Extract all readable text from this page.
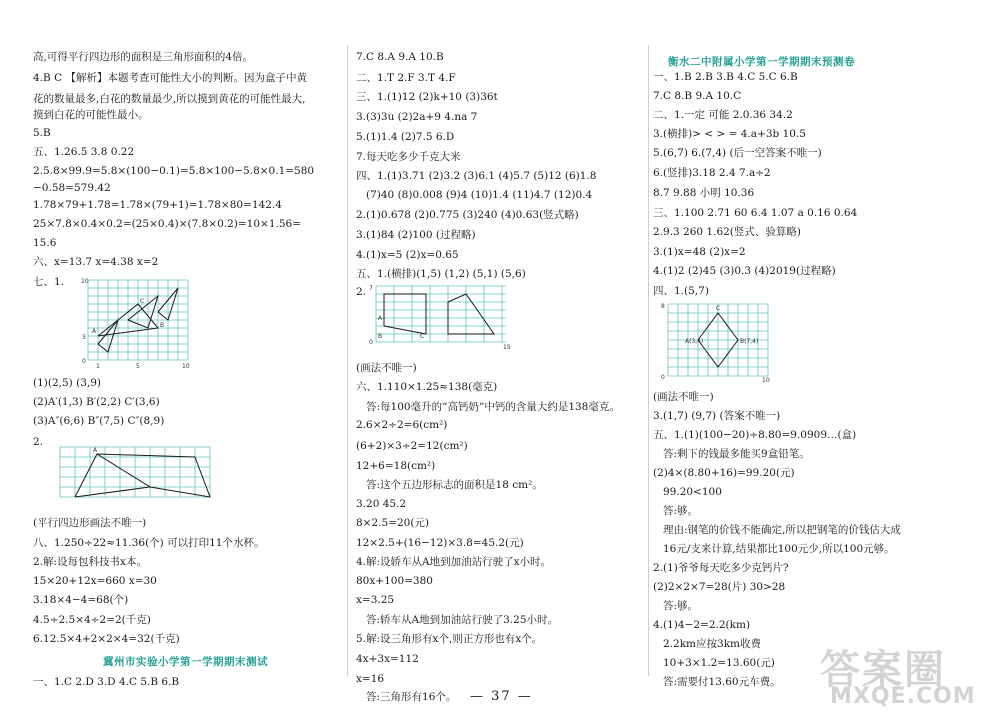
高,可得平行四边形的面积是三角形面积的4倍。
4.B C 【解析】本题考查可能性大小的判断。因为盒子中黄
花的数量最多,白花的数量最少,所以摸到黄花的可能性最大,
摸到白花的可能性最小。
5.B
五、1.26.5 3.8 0.22
2.5.8×99.9=5.8×(100−0.1)=5.8×100−5.8×0.1=580
−0.58=579.42
1.78×79+1.78=1.78×(79+1)=1.78×80=142.4
25×7.8×0.4×0.2=(25×0.4)×(7.8×0.2)=10×1.56=
15.6
六、x=13.7 x=4.38 x=2
七、1.	10
3
0
1	5	10
A
C
B
(1)(2,5) (3,9)
(2)A′(1,3) B′(2,2) C′(3,6)
(3)A″(6,6) B″(7,5) C″(8,9)
2.
A
(平行四边形画法不唯一)
八、1.250÷22≈11.36(个) 可以打印11个水杯。
2.解:设每包科技书x本。
15×20+12x=660 x=30
3.18×4−4=68(个)
4.5÷2.5×4÷2=2(千克)
6.12.5×4+2×2×4=32(千克)
冀州市实验小学第一学期期末测试
一、1.C 2.D 3.D 4.C 5.B 6.B
7.C 8.A 9.A 10.B
二、1.T 2.F 3.T 4.F
三、1.(1)12 (2)k+10 (3)36t
3.(3)3u (2)2a+9 4.na 7
5.(1)1.4 (2)7.5 6.D
7.每天吃多少千克大米
四、1.(1)3.71 (2)3.2 (3)6.1 (4)5.7 (5)12 (6)1.8
(7)40 (8)0.008 (9)4 (10)1.4 (11)4.7 (12)0.4
2.(1)0.678 (2)0.775 (3)240 (4)0.63(竖式略)
3.(1)84 (2)100 (过程略)
4.(1)x=5 (2)x=0.65
五、1.(横排)(1,5) (1,2) (5,1) (5,6)
2. 7
0
A
B	C
15
(画法不唯一)
六、1.110×1.25≈138(毫克)
答:每100毫升的“高钙奶”中钙的含量大约是138毫克。
2.6×2÷2=6(cm²)
(6+2)×3÷2=12(cm²)
12+6=18(cm²)
答:这个五边形标志的面积是18 cm²。
3.20 45.2
8×2.5=20(元)
12×2.5+(16−12)×3.8=45.2(元)
4.解:设轿车从A地到加油站行驶了x小时。
80x+100=380
x=3.25
答:轿车从A地到加油站行驶了3.25小时。
5.解:设三角形有x个,则正方形也有x个。
4x+3x=112
x=16
答:三角形有16个。
衡水二中附属小学第一学期期末预测卷
一、1.B 2.B 3.B 4.C 5.C 6.B
7.C 8.B 9.A 10.C
二、1.一定 可能 2.0.36 34.2
3.(横排)> < > = 4.a+3b 10.5
5.(6,7) 6.(7,4) (后一空答案不唯一)
6.(竖排)3.18 2.4 7.a÷2
8.7 9.88 小明 10.36
三、1.100 2.71 60 6.4 1.07 a 0.16 0.64
2.9.3 260 1.62(竖式、验算略)
3.(1)x=48 (2)x=2
4.(1)2 (2)45 (3)0.3 (4)2019(过程略)
四、1.(5,7)
8
0
A(3,4)	B(7,4)
C
10
(画法不唯一)
3.(1,7) (9,7) (答案不唯一)
五、1.(1)(100−20)÷8.80=9.0909…(盒)
答:剩下的钱最多能买9盒铅笔。
(2)4×(8.80+16)=99.20(元)
99.20<100
答:够。
理由:钢笔的价钱不能确定,所以把钢笔的价钱估大成
16元/支来计算,结果都比100元少,所以100元够。
2.(1)爷爷每天吃多少克钙片?
(2)2×2×7=28(片) 30>28
答:够。
4.(1)4−2=2.2(km)
2.2km应按3km收费
10+3×1.2=13.60(元)
答:需要付13.60元车费。
— 37 —
答案圈
MXQE.COM
